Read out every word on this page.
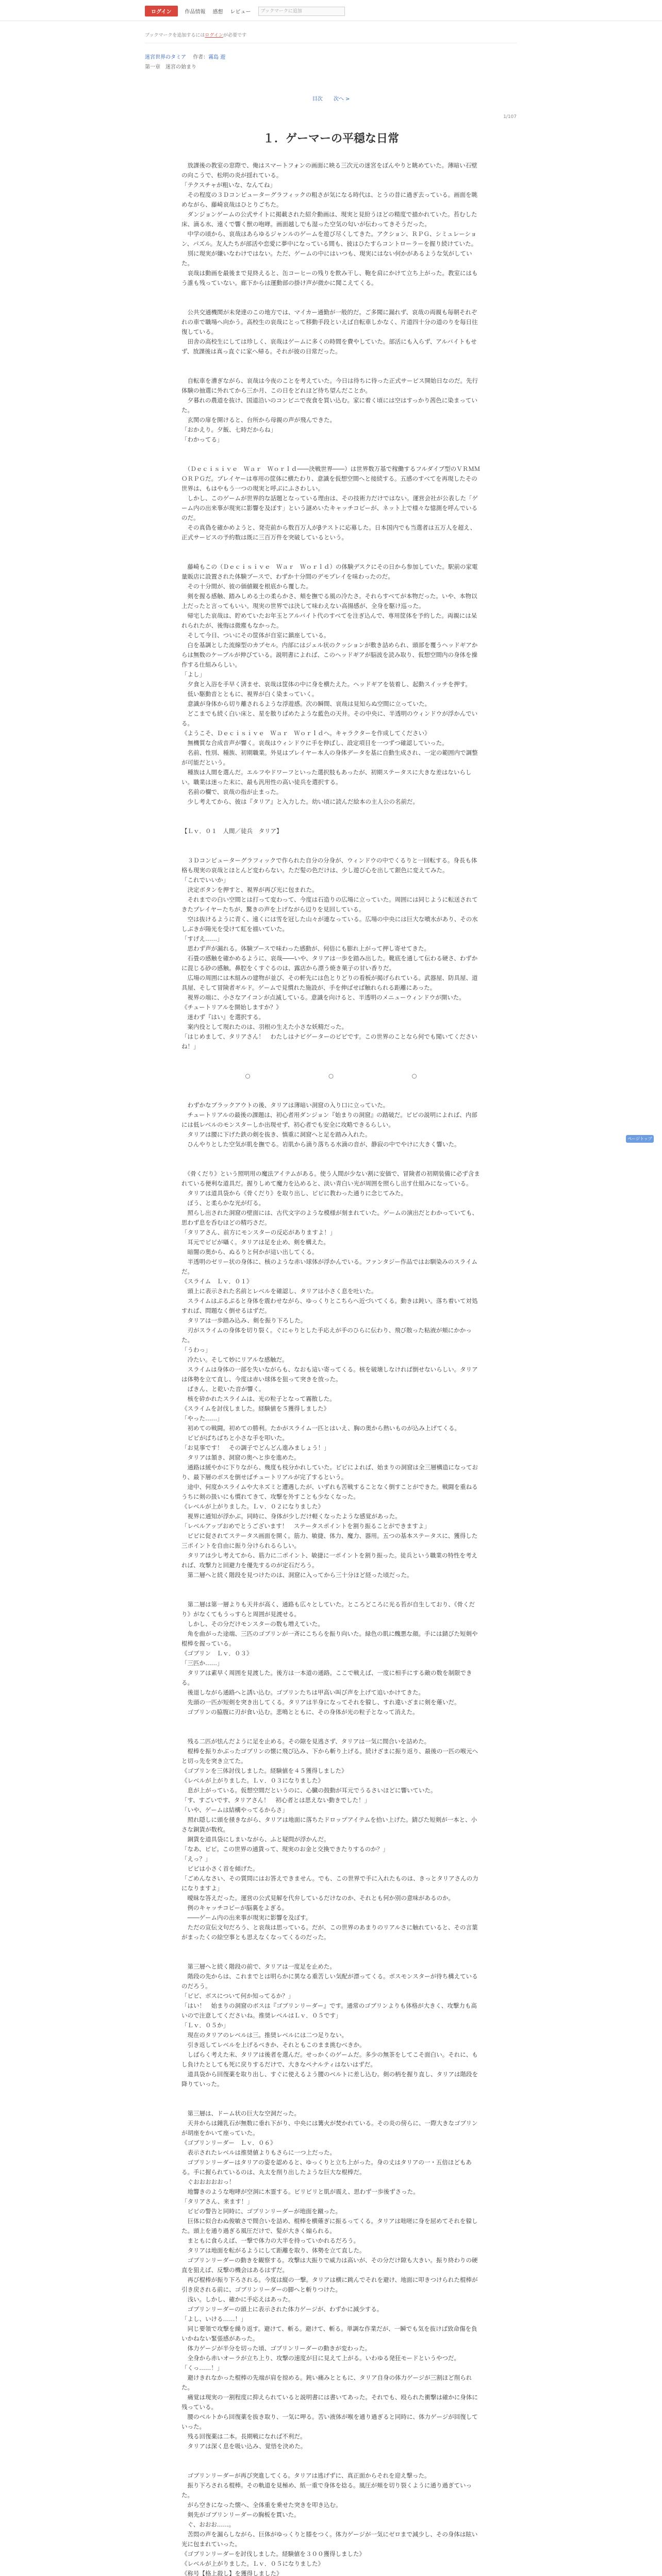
ログイン	作品情報 感想 レビュー	ブックマークに追加
ブックマークを追加するにはログインが必要です
迷宮世界のタミア 作者：霧島 遊
第一章　迷宮の始まり
目次 次へ >
1/107
１．ゲーマーの平穏な日常

　放課後の教室の窓際で、俺はスマートフォンの画面に映る三次元の迷宮をぼんやりと眺めていた。薄暗い石壁の向こうで、松明の炎が揺れている。

「テクスチャが粗いな、なんてね」

　その程度の３Ｄコンピューターグラフィックの粗さが気になる時代は、とうの昔に過ぎ去っている。画面を眺めながら、藤崎哀哉はひとりごちた。

　ダンジョンゲームの公式サイトに掲載された紹介動画は、現実と見紛うほどの精度で描かれていた。苔むした床、滴る水、遠くで響く獣の咆哮。画面越しでも湿った空気の匂いが伝わってきそうだった。

　中学の頃から、哀哉はあらゆるジャンルのゲームを遊び尽くしてきた。アクション、ＲＰＧ、シミュレーション、パズル。友人たちが部活や恋愛に夢中になっている間も、彼はひたすらコントローラーを握り続けていた。

　別に現実が嫌いなわけではない。ただ、ゲームの中にはいつも、現実にはない何かがあるような気がしていた。

　哀哉は動画を最後まで見終えると、缶コーヒーの残りを飲み干し、鞄を肩にかけて立ち上がった。教室にはもう誰も残っていない。廊下からは運動部の掛け声が微かに聞こえてくる。

　公共交通機関が未発達のこの地方では、マイカー通勤が一般的だ。ご多聞に漏れず、哀哉の両親も毎朝それぞれの車で職場へ向かう。高校生の哀哉にとって移動手段といえば自転車しかなく、片道四十分の道のりを毎日往復している。

　田舎の高校生にしては珍しく、哀哉はゲームに多くの時間を費やしていた。部活にも入らず、アルバイトもせず、放課後は真っ直ぐに家へ帰る。それが彼の日常だった。

　自転車を漕ぎながら、哀哉は今夜のことを考えていた。今日は待ちに待った正式サービス開始日なのだ。先行体験の抽選に外れてから三か月、この日をどれほど待ち望んだことか。

　夕暮れの農道を抜け、国道沿いのコンビニで夜食を買い込む。家に着く頃には空はすっかり茜色に染まっていた。

　玄関の扉を開けると、台所から母親の声が飛んできた。

「おかえり。夕飯、七時だからね」

「わかってる」

　（Ｄｅｃｉｓｉｖｅ　Ｗａｒ　Ｗｏｒｌｄ――決戦世界――）は世界数万基で稼働するフルダイブ型のＶＲＭＭＯＲＰＧだ。プレイヤーは専用の筐体に横たわり、意識を仮想空間へと接続する。五感のすべてを再現したその世界は、もはやもう一つの現実と呼ぶにふさわしい。

　しかし、このゲームが世界的な話題となっている理由は、その技術力だけではない。運営会社が公表した「ゲーム内の出来事が現実に影響を及ぼす」という謎めいたキャッチコピーが、ネット上で様々な憶測を呼んでいるのだ。

　その真偽を確かめようと、発売前から数百万人がβテストに応募した。日本国内でも当選者は五万人を超え、正式サービスの予約数は既に三百万件を突破しているという。

　藤崎もこの（Ｄｅｃｉｓｉｖｅ　Ｗａｒ　Ｗｏｒｌｄ）の体験デスクにその日から参加していた。駅前の家電量販店に設置された体験ブースで、わずか十分間のデモプレイを味わったのだ。

　その十分間が、彼の価値観を根底から覆した。

　剣を握る感触、踏みしめる土の柔らかさ、頬を撫でる風の冷たさ。それらすべてが本物だった。いや、本物以上だったと言ってもいい。現実の世界では決して味わえない高揚感が、全身を駆け巡った。

　帰宅した哀哉は、貯めていたお年玉とアルバイト代のすべてを注ぎ込んで、専用筐体を予約した。両親には呆れられたが、後悔は微塵もなかった。

　そして今日、ついにその筐体が自室に鎮座している。

　白を基調とした流線型のカプセル。内部にはジェル状のクッションが敷き詰められ、頭部を覆うヘッドギアからは無数のケーブルが伸びている。説明書によれば、このヘッドギアが脳波を読み取り、仮想空間内の身体を操作する仕組みらしい。

「よし」

　夕食と入浴を手早く済ませ、哀哉は筐体の中に身を横たえた。ヘッドギアを装着し、起動スイッチを押す。

　低い駆動音とともに、視界が白く染まっていく。

　意識が身体から切り離されるような浮遊感。次の瞬間、哀哉は見知らぬ空間に立っていた。

　どこまでも続く白い床と、星を散りばめたような藍色の天井。その中央に、半透明のウィンドウが浮かんでいる。

《ようこそ、Ｄｅｃｉｓｉｖｅ　Ｗａｒ　Ｗｏｒｌｄへ。キャラクターを作成してください》

　無機質な合成音声が響く。哀哉はウィンドウに手を伸ばし、設定項目を一つずつ確認していった。

　名前、性別、種族、初期職業。外見はプレイヤー本人の身体データを基に自動生成され、一定の範囲内で調整が可能だという。

　種族は人間を選んだ。エルフやドワーフといった選択肢もあったが、初期ステータスに大きな差はないらしい。職業は迷った末に、最も汎用性の高い徒兵を選択する。

　名前の欄で、哀哉の指が止まった。

　少し考えてから、彼は『タリア』と入力した。幼い頃に読んだ絵本の主人公の名前だ。

【Ｌｖ．０１　人間／徒兵　タリア】

　３Ｄコンピューターグラフィックで作られた自分の分身が、ウィンドウの中でくるりと一回転する。身長も体格も現実の哀哉とほとんど変わらない。ただ髪の色だけは、少し遊び心を出して銀色に変えてみた。

「これでいいか」

　決定ボタンを押すと、視界が再び光に包まれた。

　それまでの白い空間とは打って変わって、今度は石造りの広場に立っていた。周囲には同じように転送されてきたプレイヤーたちが、驚きの声を上げながら辺りを見回している。

　空は抜けるように青く、遠くには雪を冠した山々が連なっている。広場の中央には巨大な噴水があり、その水しぶきが陽光を受けて虹を描いていた。

「すげえ……」

　思わず声が漏れる。体験ブースで味わった感動が、何倍にも膨れ上がって押し寄せてきた。

　石畳の感触を確かめるように、哀哉――いや、タリアは一歩を踏み出した。靴底を通して伝わる硬さ、わずかに混じる砂の感触。鼻腔をくすぐるのは、露店から漂う焼き菓子の甘い香りだ。

　広場の周囲には木組みの建物が並び、その軒先には色とりどりの看板が掲げられている。武器屋、防具屋、道具屋、そして冒険者ギルド。ゲームで見慣れた施設が、手を伸ばせば触れられる距離にあった。

　視界の端に、小さなアイコンが点滅している。意識を向けると、半透明のメニューウィンドウが開いた。

《チュートリアルを開始しますか？》

　迷わず『はい』を選択する。

　案内役として現れたのは、羽根の生えた小さな妖精だった。

「はじめまして、タリアさん！　わたしはナビゲーターのピピです。この世界のことなら何でも聞いてくださいね！」

○　○　○

　わずかなブラックアウトの後、タリアは薄暗い洞窟の入り口に立っていた。

　チュートリアルの最後の課題は、初心者用ダンジョン『始まりの洞窟』の踏破だ。ピピの説明によれば、内部には低レベルのモンスターしか出現せず、初心者でも安全に攻略できるらしい。

　タリアは腰に下げた鉄の剣を抜き、慎重に洞窟へと足を踏み入れた。

　ひんやりとした空気が肌を撫でる。岩肌から滴り落ちる水滴の音が、静寂の中でやけに大きく響いた。

　《骨くだり》という照明用の魔法アイテムがある。使う人間が少ない割に安価で、冒険者の初期装備に必ず含まれている便利な道具だ。握りしめて魔力を込めると、淡い青白い光が周囲を照らし出す仕組みになっている。

　タリアは道具袋から《骨くだり》を取り出し、ピピに教わった通りに念じてみた。

　ぼう、と柔らかな光が灯る。

　照らし出された洞窟の壁面には、古代文字のような模様が刻まれていた。ゲームの演出だとわかっていても、思わず息を呑むほどの精巧さだ。

「タリアさん、前方にモンスターの反応がありますよ！」

　耳元でピピが囁く。タリアは足を止め、剣を構えた。

　暗闇の奥から、ぬるりと何かが這い出してくる。

　半透明のゼリー状の身体に、核のような赤い球体が浮かんでいる。ファンタジー作品ではお馴染みのスライムだ。

《スライム　Ｌｖ．０１》

　頭上に表示された名前とレベルを確認し、タリアは小さく息を吐いた。

　スライムはぷるぷると身体を震わせながら、ゆっくりとこちらへ近づいてくる。動きは鈍い。落ち着いて対処すれば、問題なく倒せるはずだ。

　タリアは一歩踏み込み、剣を振り下ろした。

　刃がスライムの身体を切り裂く。ぐにゃりとした手応えが手のひらに伝わり、飛び散った粘液が頬にかかった。

「うわっ」

　冷たい。そして妙にリアルな感触だ。

　スライムは身体の一部を失いながらも、なおも這い寄ってくる。核を破壊しなければ倒せないらしい。タリアは体勢を立て直し、今度は赤い球体を狙って突きを放った。

　ぱきん、と乾いた音が響く。

　核を砕かれたスライムは、光の粒子となって霧散した。

《スライムを討伐しました。経験値を５獲得しました》

「やった……」

　初めての戦闘。初めての勝利。たかがスライム一匹とはいえ、胸の奥から熱いものが込み上げてくる。

　ピピがぱちぱちと小さな手を叩いた。

「お見事です！　その調子でどんどん進みましょう！」

　タリアは頷き、洞窟の奥へと歩を進めた。

　通路は緩やかに下りながら、幾度も枝分かれしていた。ピピによれば、始まりの洞窟は全三層構造になっており、最下層のボスを倒せばチュートリアルが完了するという。

　途中、何度かスライムや大ネズミと遭遇したが、いずれも苦戦することなく倒すことができた。戦闘を重ねるうちに剣の扱いにも慣れてきて、攻撃を外すことも少なくなった。

《レベルが上がりました。Ｌｖ．０２になりました》

　視界に通知が浮かぶ。同時に、身体が少しだけ軽くなったような感覚があった。

「レベルアップおめでとうございます！　ステータスポイントを割り振ることができますよ」

　ピピに促されてステータス画面を開く。筋力、敏捷、体力、魔力、器用。五つの基本ステータスに、獲得した三ポイントを自由に振り分けられるらしい。

　タリアは少し考えてから、筋力に二ポイント、敏捷に一ポイントを割り振った。徒兵という職業の特性を考えれば、攻撃力と回避力を優先するのが定石だろう。

　第二層へと続く階段を見つけたのは、洞窟に入ってから三十分ほど経った頃だった。

　第二層は第一層よりも天井が高く、通路も広々としていた。ところどころに光る苔が自生しており、《骨くだり》がなくてもうっすらと周囲が見渡せる。

　しかし、その分だけモンスターの数も増えていた。

　角を曲がった途端、三匹のゴブリンが一斉にこちらを振り向いた。緑色の肌に醜悪な顔。手には錆びた短剣や棍棒を握っている。

《ゴブリン　Ｌｖ．０３》

「三匹か……」

　タリアは素早く周囲を見渡した。後方は一本道の通路。ここで戦えば、一度に相手にする敵の数を制限できる。

　後退しながら通路へと誘い込む。ゴブリンたちは甲高い叫び声を上げて追いかけてきた。

　先頭の一匹が短剣を突き出してくる。タリアは半身になってそれを躱し、すれ違いざまに剣を薙いだ。

　ゴブリンの脇腹に刃が食い込む。悲鳴とともに、その身体が光の粒子となって消えた。

　残る二匹が怯んだように足を止める。その隙を見逃さず、タリアは一気に間合いを詰めた。

　棍棒を振りかぶったゴブリンの懐に飛び込み、下から斬り上げる。続けざまに振り返り、最後の一匹の喉元へと切っ先を突き立てた。

《ゴブリンを三体討伐しました。経験値を４５獲得しました》

《レベルが上がりました。Ｌｖ．０３になりました》

　息が上がっている。仮想空間だというのに、心臓の鼓動が耳元でうるさいほどに響いていた。

「す、すごいです、タリアさん！　初心者とは思えない動きでした！」

「いや、ゲームは結構やってるからさ」

　照れ隠しに頭を掻きながら、タリアは地面に落ちたドロップアイテムを拾い上げた。錆びた短剣が一本と、小さな銅貨が数枚。

　銅貨を道具袋にしまいながら、ふと疑問が浮かんだ。

「なあ、ピピ。この世界の通貨って、現実のお金と交換できたりするのか？」

「えっ？」

　ピピは小さく首を傾げた。

「ごめんなさい、その質問にはお答えできません。でも、この世界で手に入れたものは、きっとタリアさんの力になりますよ」

　曖昧な答えだった。運営の公式見解を代弁しているだけなのか、それとも何か別の意味があるのか。

　例のキャッチコピーが脳裏をよぎる。

　――ゲーム内の出来事が現実に影響を及ぼす。

　ただの宣伝文句だろう、と哀哉は思っている。だが、この世界のあまりのリアルさに触れていると、その言葉がまったくの絵空事とも思えなくなってくるのだった。

　第三層へと続く階段の前で、タリアは一度足を止めた。

　階段の先からは、これまでとは明らかに異なる重苦しい気配が漂ってくる。ボスモンスターが待ち構えているのだろう。

「ピピ、ボスについて何か知ってるか？」

「はい！　始まりの洞窟のボスは『ゴブリンリーダー』です。通常のゴブリンよりも体格が大きく、攻撃力も高いので注意してくださいね。推奨レベルはＬｖ．０５です」

「Ｌｖ．０５か」

　現在のタリアのレベルは三。推奨レベルには二つ足りない。

　引き返してレベルを上げるべきか、それともこのまま挑むべきか。

　しばらく考えた末、タリアは後者を選んだ。せっかくのゲームだ。多少の無茶をしてこそ面白い。それに、もし負けたとしても死に戻りするだけで、大きなペナルティはないはずだ。

　道具袋から回復薬を取り出し、すぐに使えるよう腰のベルトに差し込む。剣の柄を握り直し、タリアは階段を降りていった。

　第三層は、ドーム状の巨大な空洞だった。

　天井からは鍾乳石が無数に垂れ下がり、中央には篝火が焚かれている。その炎の傍らに、一際大きなゴブリンが胡座をかいて座っていた。

《ゴブリンリーダー　Ｌｖ．０６》

　表示されたレベルは推奨値よりもさらに一つ上だった。

　ゴブリンリーダーはタリアの姿を認めると、ゆっくりと立ち上がった。身の丈はタリアの一・五倍ほどもある。手に握られているのは、丸太を削り出したような巨大な棍棒だ。

　ぐおおおおおっ！

　地響きのような咆哮が空洞に木霊する。ビリビリと肌が震え、思わず一歩後ずさった。

「タリアさん、来ます！」

　ピピの警告と同時に、ゴブリンリーダーが地面を蹴った。

　巨体に似合わぬ俊敏さで間合いを詰め、棍棒を横薙ぎに振るってくる。タリアは咄嗟に身を屈めてそれを躱した。頭上を通り過ぎる風圧だけで、髪が大きく煽られる。

　まともに食らえば、一撃で体力の大半を持っていかれるだろう。

　タリアは地面を転がるようにして距離を取り、体勢を立て直した。

　ゴブリンリーダーの動きを観察する。攻撃は大振りで威力は高いが、その分だけ隙も大きい。振り終わりの硬直を狙えば、反撃の機会はあるはずだ。

　再び棍棒が振り下ろされる。今度は縦の一撃。タリアは横に跳んでそれを避け、地面に叩きつけられた棍棒が引き戻される前に、ゴブリンリーダーの脚へと斬りつけた。

　浅い。しかし、確かに手応えはあった。

　ゴブリンリーダーの頭上に表示された体力ゲージが、わずかに減少する。

「よし、いける……！」

　同じ要領で攻撃を繰り返す。避けて、斬る。避けて、斬る。単調な作業だが、一瞬でも気を抜けば致命傷を負いかねない緊張感があった。

　体力ゲージが半分を切った頃、ゴブリンリーダーの動きが変わった。

　全身から赤いオーラが立ち上り、攻撃の速度が目に見えて上がる。いわゆる発狂モードというやつだ。

「くっ……！」

　避けきれなかった棍棒の先端が肩を掠める。鈍い痛みとともに、タリア自身の体力ゲージが三割ほど削られた。

　痛覚は現実の一割程度に抑えられていると説明書には書いてあった。それでも、殴られた衝撃は確かに身体に残っている。

　腰のベルトから回復薬を抜き取り、一気に呷る。苦い液体が喉を通り過ぎると同時に、体力ゲージが回復していった。

　残る回復薬は二本。長期戦になれば不利だ。

　タリアは深く息を吸い込み、覚悟を決めた。

　ゴブリンリーダーが再び突進してくる。タリアは逃げずに、真正面からそれを迎え撃った。

　振り下ろされる棍棒。その軌道を見極め、紙一重で身体を捻る。風圧が頬を切り裂くように通り過ぎていった。

　がら空きになった懐へ、全体重を乗せた突きを叩き込む。

　剣先がゴブリンリーダーの胸板を貫いた。

　ぐ、おおお……。

　苦悶の声を漏らしながら、巨体がゆっくりと膝をつく。体力ゲージが一気にゼロまで減少し、その身体は眩い光に包まれていった。

《ゴブリンリーダーを討伐しました。経験値を３００獲得しました》

《レベルが上がりました。Ｌｖ．０５になりました》

《称号【格上殺し】を獲得しました》

ページトップへ
